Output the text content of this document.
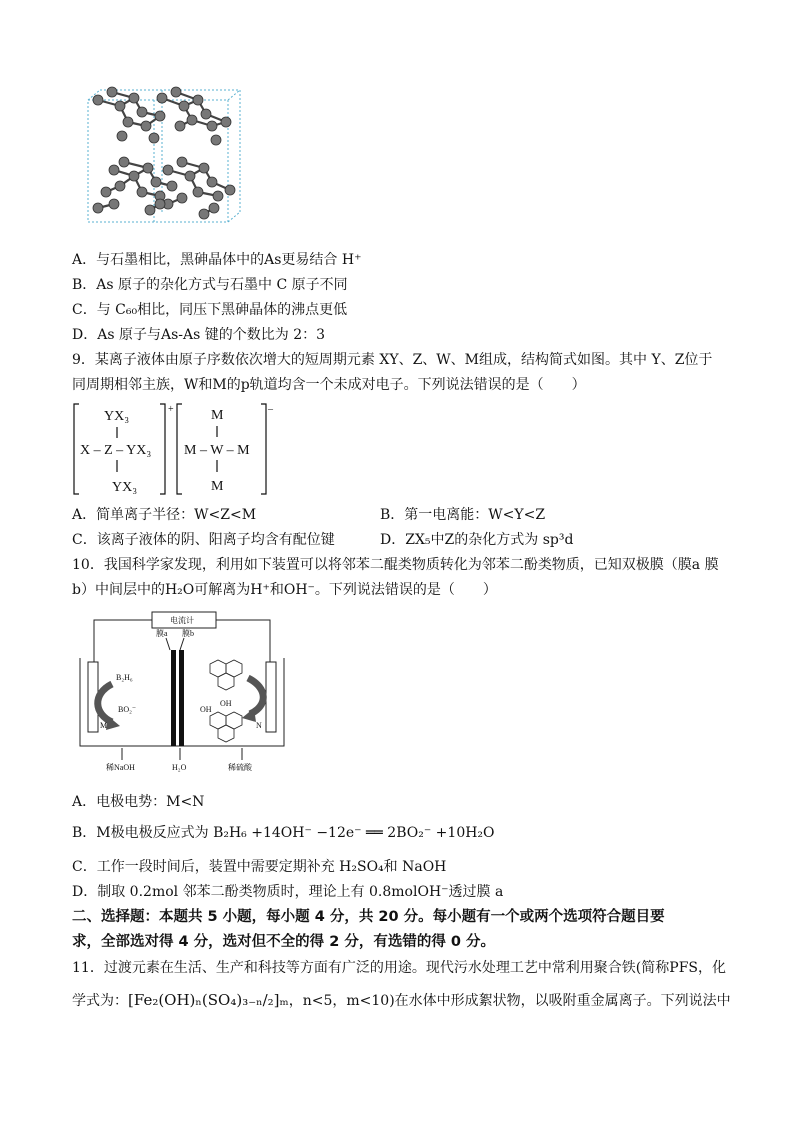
A．与石墨相比，黑砷晶体中的As更易结合 H⁺
B．As 原子的杂化方式与石墨中 C 原子不同
C．与 C₆₀相比，同压下黑砷晶体的沸点更低
D．As 原子与As-As 键的个数比为 2：3
9．某离子液体由原子序数依次增大的短周期元素 XY、Z、W、M组成，结构简式如图。其中 Y、Z位于
同周期相邻主族，W和M的p轨道均含一个未成对电子。下列说法错误的是（　　）
YX₃
X – Z – YX₃
YX₃
+	M
M – W – M
M
–
A．简单离子半径：W<Z<M	B．第一电离能：W<Y<Z
C．该离子液体的阴、阳离子均含有配位键	D．ZX₅中Z的杂化方式为 sp³d
10．我国科学家发现，利用如下装置可以将邻苯二醌类物质转化为邻苯二酚类物质，已知双极膜（膜a 膜
b）中间层中的H₂O可解离为H⁺和OH⁻。下列说法错误的是（　　）
电流计
膜a 膜b
B₂H₆
BO₂⁻
M	N
OH
OH
稀NaOH	H₂O	稀硫酸
A．电极电势：M<N
B．M极电极反应式为 B₂H₆ +14OH⁻ −12e⁻ ══ 2BO₂⁻ +10H₂O
C．工作一段时间后，装置中需要定期补充 H₂SO₄和 NaOH
D．制取 0.2mol 邻苯二酚类物质时，理论上有 0.8molOH⁻透过膜 a
二、选择题：本题共 5 小题，每小题 4 分，共 20 分。每小题有一个或两个选项符合题目要
求，全部选对得 4 分，选对但不全的得 2 分，有选错的得 0 分。
11．过渡元素在生活、生产和科技等方面有广泛的用途。现代污水处理工艺中常利用聚合铁(简称PFS，化
学式为：[Fe₂(OH)ₙ(SO₄)₃₋ₙ/₂]ₘ，n<5，m<10)在水体中形成絮状物，以吸附重金属离子。下列说法中
